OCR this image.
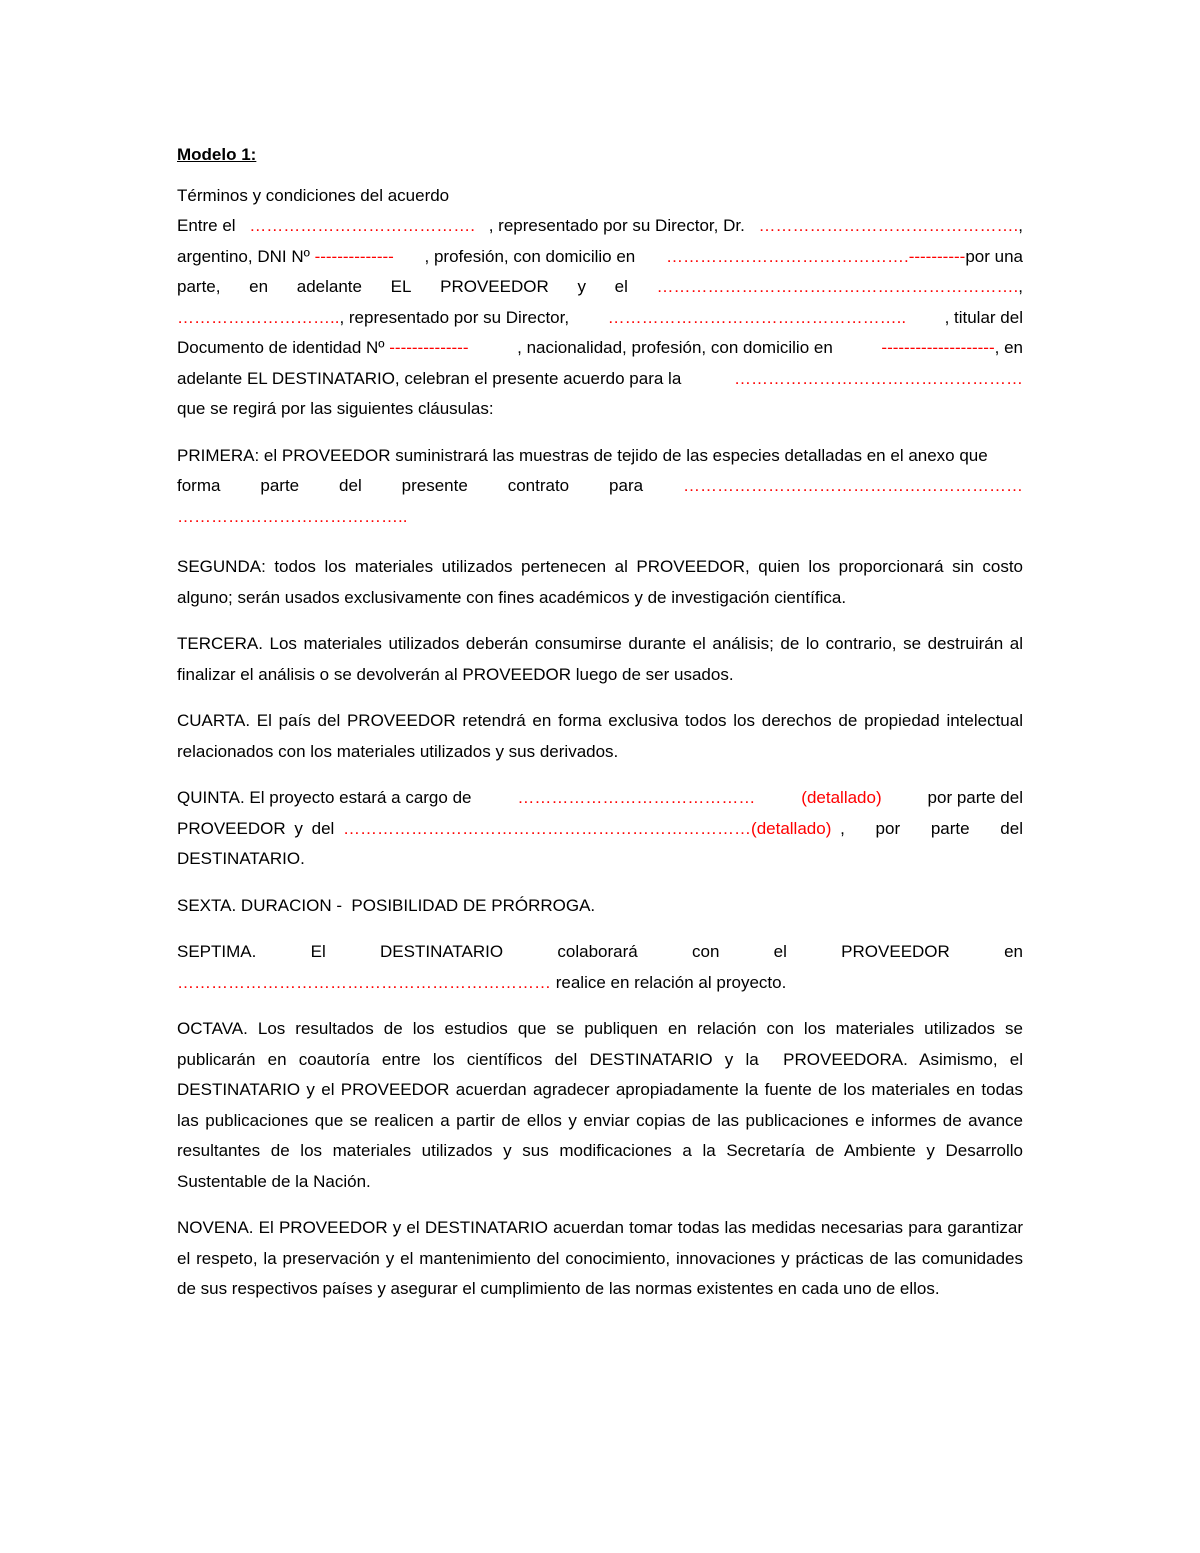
Modelo 1:
Términos y condiciones del acuerdo
Entre el …………………………………. , representado por su Director, Dr. ……………………………………….,
argentino, DNI Nº -------------- , profesión, con domicilio en …………………………………….----------por una
parte, en adelante EL PROVEEDOR y el ……………………………………………………….,
……………………….., representado por su Director, …………………………………………….. , titular del
Documento de identidad Nº --------------	, nacionalidad, profesión, con domicilio en	--------------------, en
adelante EL DESTINATARIO, celebran el presente acuerdo para la	……………………………………………
que se regirá por las siguientes cláusulas:
PRIMERA: el PROVEEDOR suministrará las muestras de tejido de las especies detalladas en el anexo que
forma parte del presente contrato para ……………………………………………………
…………………………………..
SEGUNDA: todos los materiales utilizados pertenecen al PROVEEDOR, quien los proporcionará sin costo alguno; serán usados exclusivamente con fines académicos y de investigación científica.
TERCERA. Los materiales utilizados deberán consumirse durante el análisis; de lo contrario, se destruirán al finalizar el análisis o se devolverán al PROVEEDOR luego de ser usados.
CUARTA. El país del PROVEEDOR retendrá en forma exclusiva todos los derechos de propiedad intelectual relacionados con los materiales utilizados y sus derivados.
QUINTA. El proyecto estará a cargo de	……………………………………	(detallado)	por parte del
PROVEEDOR y del ………………………………………………………………(detallado) , por parte del
DESTINATARIO.
SEXTA. DURACION -  POSIBILIDAD DE PRÓRROGA.
SEPTIMA.	El	DESTINATARIO	colaborará	con	el	PROVEEDOR	en
………………………………………………………… realice en relación al proyecto.
OCTAVA. Los resultados de los estudios que se publiquen en relación con los materiales utilizados se publicarán en coautoría entre los científicos del DESTINATARIO y la  PROVEEDORA. Asimismo, el DESTINATARIO y el PROVEEDOR acuerdan agradecer apropiadamente la fuente de los materiales en todas las publicaciones que se realicen a partir de ellos y enviar copias de las publicaciones e informes de avance resultantes de los materiales utilizados y sus modificaciones a la Secretaría de Ambiente y Desarrollo Sustentable de la Nación.
NOVENA. El PROVEEDOR y el DESTINATARIO acuerdan tomar todas las medidas necesarias para garantizar el respeto, la preservación y el mantenimiento del conocimiento, innovaciones y prácticas de las comunidades de sus respectivos países y asegurar el cumplimiento de las normas existentes en cada uno de ellos.
